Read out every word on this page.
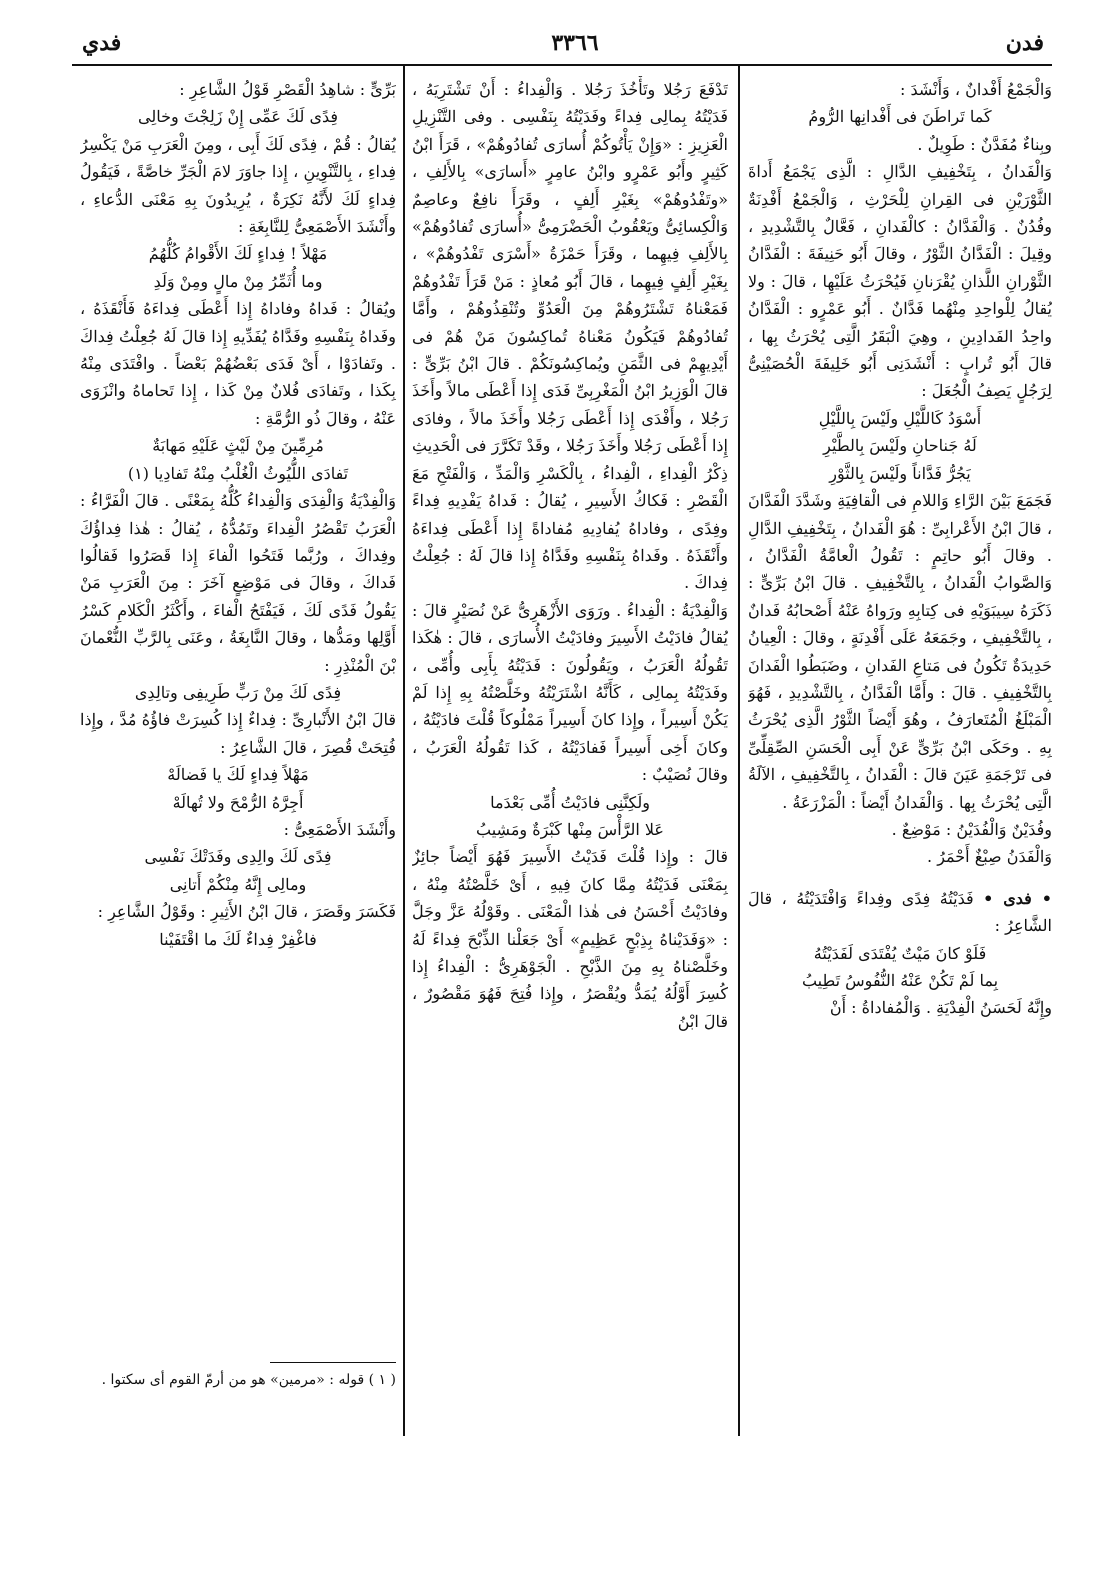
فدن
٣٣٦٦
فدي

وَالْجَمْعُ أَفْدانٌ ، وَأَنْشَدَ :

كَما تَراطَنَ فى أَفْدانِها الرُّومُ

وبِناءٌ مُفَدَّنٌ : طَوِيلٌ .

وَالْفَدانُ ، بِتَخْفِيفِ الدَّالِ : الَّذِى يَجْمَعُ أَداةَ الثَّوْرَيْنِ فى القِرانِ لِلْحَرْثِ ، وَالْجَمْعُ أَفْدِنَةٌ وفُدُنٌ . وَالْفَدَّانُ : كالْفَدانِ ، فَعَّالٌ بِالتَّشْدِيدِ ، وقِيلَ : الْفَدَّانُ الثَّوْرُ ، وقالَ أَبُو حَنِيفَةَ : الْفَدَّانُ الثَّوْرانِ اللَّذانِ يُقْرَنانِ فَيُحْرَثُ عَلَيْهِا ، قالَ : ولا يُقالُ لِلْواحِدِ مِنْهُما فَدَّانٌ . أَبُو عَمْرٍو : الْفَدَّانُ واحِدُ الفَدادِينِ ، وهِيَ الْبَقَرُ الَّتِى يُحْرَثُ بِها ، قالَ أَبُو تُرابٍ : أَنْشَدَنِى أَبُو خَلِيفَةَ الْحُصَيْنِىُّ لِرَجُلٍ يَصِفُ الْجُعَلَ :

أَسْوَدُ كَاللَّيْلِ ولَيْسَ بِاللَّيْلِ

لَهُ جَناحانِ ولَيْسَ بِالطَّيْرِ

يَجُرُّ فَدَّاناً ولَيْسَ بِالثَّوْرِ

فَجَمَعَ بَيْنَ الرَّاءِ وَاللامِ فى الْقافِيَةِ وشَدَّدَ الْفَدَّانَ ، قالَ ابْنُ الأَعْرابِىِّ : هُوَ الْفَدانُ ، بِتَخْفِيفِ الدَّالِ . وقالَ أَبُو حاتِمٍ : تَقُولُ الْعامَّةُ الْفَدَّانُ ، وَالصَّوابُ الْفَدانُ ، بِالتَّخْفِيفِ . قالَ ابْنُ بَرِّىٍّ : ذَكَرَهُ سِيبَوَيْهِ فى كِتابِهِ ورَواهُ عَنْهُ أَصْحابُهُ فَدانٌ ، بِالتَّخْفِيفِ ، وجَمَعَهُ عَلَى أَفْدِنَةٍ ، وقالَ : الْعِيانُ حَدِيدَةٌ تَكُونُ فى مَتاعِ الفَدانِ ، وضَبَطُوا الْفَدانَ بِالتَّخْفِيفِ . قالَ : وأَمَّا الْفَدَّانُ ، بِالتَّشْدِيدِ ، فَهُوَ الْمَبْلَغُ الْمُتَعارَفُ ، وهُوَ أَيْضاً الثَّوْرُ الَّذِى يُحْرَثُ بِهِ . وحَكَى ابْنُ بَرِّىٍّ عَنْ أَبِى الْحَسَنِ الصِّقِلِّىِّ فى تَرْجَمَةِ عَيَنَ قالَ : الْفَدانُ ، بِالتَّخْفِيفِ ، الآلَةُ الَّتِى يُحْرَثُ بِها . وَالْفَدانُ أَيْضاً : الْمَزْرَعَةُ .

وفُدَيْنٌ وَالْفُدَيْنُ : مَوْضِعٌ .

وَالْفَدَنُ صِبْغٌ أَحْمَرُ .

• فدى • فَدَيْتُهُ فِدًى وفِداءً وَافْتَدَيْتُهُ ، قالَ الشَّاعِرُ :

فَلَوْ كانَ مَيْتٌ يُفْتَدَى لَفَدَيْتُهُ

بِما لَمْ تَكُنْ عَنْهُ النُّفُوسُ تَطِيبُ

وإِنَّهُ لَحَسَنُ الْفِدْيَةِ . وَالْمُفاداةُ : أَنْ

تَدْفَعَ رَجُلا وتَأْخُذَ رَجُلا . وَالْفِداءُ : أَنْ تَشْتَرِيَهُ ، فَدَيْتُهُ بِمالِى فِداءً وفَدَيْتُهُ بِنَفْسِى . وفى التَّنْزِيلِ الْعَزِيزِ : «وَإِنْ يَأْتُوكُمْ أُسارَى تُفادُوهُمْ» ، قَرَأَ ابْنُ كَثِيرٍ وأَبُو عَمْرٍو وابْنُ عامِرٍ «أَسارَى» بِالأَلِفِ ، «وتَفْدُوهُمْ» بِغَيْرِ أَلِفٍ ، وقَرَأَ نافِعٌ وعاصِمٌ وَالْكِسائِىُّ ويَعْقُوبُ الْحَضْرَمِىُّ «أُسارَى تُفادُوهُمْ» بِالأَلِفِ فِيهِما ، وقَرَأَ حَمْزَةُ «أَسْرَى تَفْدُوهُمْ» ، بِغَيْرِ أَلِفٍ فِيهِما ، قالَ أَبُو مُعاذٍ : مَنْ قَرَأَ تَفْدُوهُمْ فَمَعْناهُ تَشْتَرُوهُمْ مِنَ الْعَدُوِّ وتُنْقِذُوهُمْ ، وأَمَّا تُفادُوهُمْ فَيَكُونُ مَعْناهُ تُماكِسُونَ مَنْ هُمْ فى أَيْدِيهِمْ فى الثَّمَنِ ويُماكِسُونَكُمْ . قالَ ابْنُ بَرِّىٍّ : قالَ الْوَزِيرُ ابْنُ الْمَغْرِبِىِّ فَدَى إِذا أَعْطَى مالاً وأَخَذَ رَجُلا ، وأَفْدَى إِذا أَعْطَى رَجُلا وأَخَذَ مالاً ، وفادَى إِذا أَعْطَى رَجُلا وأَخَذَ رَجُلا ، وقَدْ تَكَرَّرَ فى الْحَدِيثِ ذِكْرُ الْفِداءِ ، الْفِداءُ ، بِالْكَسْرِ وَالْمَدِّ ، وَالْفَتْحِ مَعَ الْقَصْرِ : فَكاكُ الأَسِيرِ ، يُقالُ : فَداهُ يَفْدِيهِ فِداءً وفِدًى ، وفاداهُ يُفادِيهِ مُفاداةً إِذا أَعْطَى فِداءَهُ وأَنْقَذَهُ . وفَداهُ بِنَفْسِهِ وفَدَّاهُ إِذا قالَ لَهُ : جُعِلْتُ فِداكَ .

وَالْفِدْيَةُ : الْفِداءُ . ورَوَى الأَزْهَرِىُّ عَنْ نُصَيْرٍ قالَ : يُقالُ فادَيْتُ الأَسِيرَ وفادَيْتُ الأُسارَى ، قالَ : هٰكَذا تَقُولُهُ الْعَرَبُ ، ويَقُولُونَ : فَدَيْتُهُ بِأَبِى وأُمِّى ، وفَدَيْتُهُ بِمالِى ، كَأَنَّهُ اشْتَرَيْتُهُ وخَلَّصْتُهُ بِهِ إِذا لَمْ يَكُنْ أَسِيراً ، وإِذا كانَ أَسِيراً مَمْلُوكاً قُلْتَ فادَيْتُهُ ، وكانَ أَخِى أَسِيراً فَفادَيْتُهُ ، كَذا تَقُولُهُ الْعَرَبُ ، وقالَ نُصَيْبٌ :

ولَكِنَّنِى فادَيْتُ أُمِّى بَعْدَما

عَلا الرَّأْسَ مِنْها كَبْرَةٌ ومَشِيبُ

قالَ : وإِذا قُلْتَ فَدَيْتُ الأَسِيرَ فَهُوَ أَيْضاً جائِزٌ بِمَعْنَى فَدَيْتُهُ مِمَّا كانَ فِيهِ ، أَىْ خَلَّصْتُهُ مِنْهُ ، وفادَيْتُ أَحْسَنُ فى هٰذا الْمَعْنَى . وقَوْلُهُ عَزَّ وجَلَّ : «وَفَدَيْناهُ بِذِبْحٍ عَظِيمٍ» أَىْ جَعَلْنا الذِّبْحَ فِداءً لَهُ وخَلَّصْناهُ بِهِ مِنَ الذَّبْحِ . الْجَوْهَرِىُّ : الْفِداءُ إِذا كُسِرَ أَوَّلُهُ يُمَدُّ ويُقْصَرُ ، وإِذا فُتِحَ فَهُوَ مَقْصُورٌ ، قالَ ابْنُ

بَرِّىٍّ : شاهِدُ الْقَصْرِ قَوْلُ الشَّاعِرِ :

فِدًى لَكَ عَمِّى إِنْ زَلِجْتَ وخالِى

يُقالُ : قُمْ ، فِدًى لَكَ أَبِى ، ومِنَ الْعَرَبِ مَنْ يَكْسِرُ فِداءِ ، بِالتَّنْوِينِ ، إِذا جاوَرَ لامَ الْجَرِّ خاصَّةً ، فَيَقُولُ فِداءٍ لَكَ لأَنَّهُ نَكِرَةٌ ، يُرِيدُونَ بِهِ مَعْنَى الدُّعاءِ ، وأَنْشَدَ الأَصْمَعِىُّ لِلنَّابِغَةِ :

مَهْلاً ! فِداءٍ لَكَ الأَقْوامُ كُلُّهُمُ

وما أُثَمِّرُ مِنْ مالٍ ومِنْ وَلَدِ

ويُقالُ : فَداهُ وفاداهُ إِذا أَعْطَى فِداءَهُ فَأَنْقَذَهُ ، وفَداهُ بِنَفْسِهِ وفَدَّاهُ يُفَدِّيهِ إِذا قالَ لَهُ جُعِلْتُ فِداكَ . وتَفادَوْا ، أَىْ فَدَى بَعْضُهُمْ بَعْضاً . وافْتَدَى مِنْهُ بِكَذا ، وتَفادَى فُلانٌ مِنْ كَذا ، إِذا تَحاماهُ وانْزَوَى عَنْهُ ، وقالَ ذُو الرُّمَّةِ :

مُرِمِّينَ مِنْ لَيْثٍ عَلَيْهِ مَهابَةٌ

تَفادَى اللُّيُوثُ الْغُلْبُ مِنْهُ تَفادِيا (١)

وَالْفِدْيَةُ وَالْفِدَى وَالْفِداءُ كُلُّهُ بِمَعْنًى . قالَ الْفَرَّاءُ : الْعَرَبُ تَقْصُرُ الْفِداءَ وتَمُدُّهُ ، يُقالُ : هٰذا فِداؤُكَ وفِداكَ ، ورُبَّما فَتَحُوا الْفاءَ إِذا قَصَرُوا فَقالُوا فَداكَ ، وقالَ فى مَوْضِعٍ آخَرَ : مِنَ الْعَرَبِ مَنْ يَقُولُ فَدًى لَكَ ، فَيَفْتَحُ الْفاءَ ، وأَكْثَرُ الْكَلامِ كَسْرُ أَوَّلِها ومَدُّها ، وقالَ النَّابِغَةُ ، وعَنَى بِالرَّبِّ النُّعْمانَ بْنَ الْمُنْذِرِ :

فِدًى لَكَ مِنْ رَبٍّ طَرِيفِى وتالِدِى

قالَ ابْنُ الأَنْبارِىِّ : فِداءٌ إِذا كُسِرَتْ فاؤُهُ مُدَّ ، وإِذا فُتِحَتْ قُصِرَ ، قالَ الشَّاعِرُ :

مَهْلاً فِداءٍ لَكَ يا فَضالَهْ

أَجِرَّهُ الرُّمْحَ ولا تُهالَهْ

وأَنْشَدَ الأَصْمَعِىُّ :

فِدًى لَكَ والِدِى وفَدَتْكَ نَفْسِى

ومالِى إِنَّهُ مِنْكُمْ أَتانِى

فَكَسَرَ وقَصَرَ ، قالَ ابْنُ الأَثِيرِ : وقَوْلُ الشَّاعِرِ :

فاغْفِرْ فِداءٌ لَكَ ما اقْتَفَيْنا

( ١ ) قوله : «مرمين» هو من أرمّ القوم أى سكتوا .
